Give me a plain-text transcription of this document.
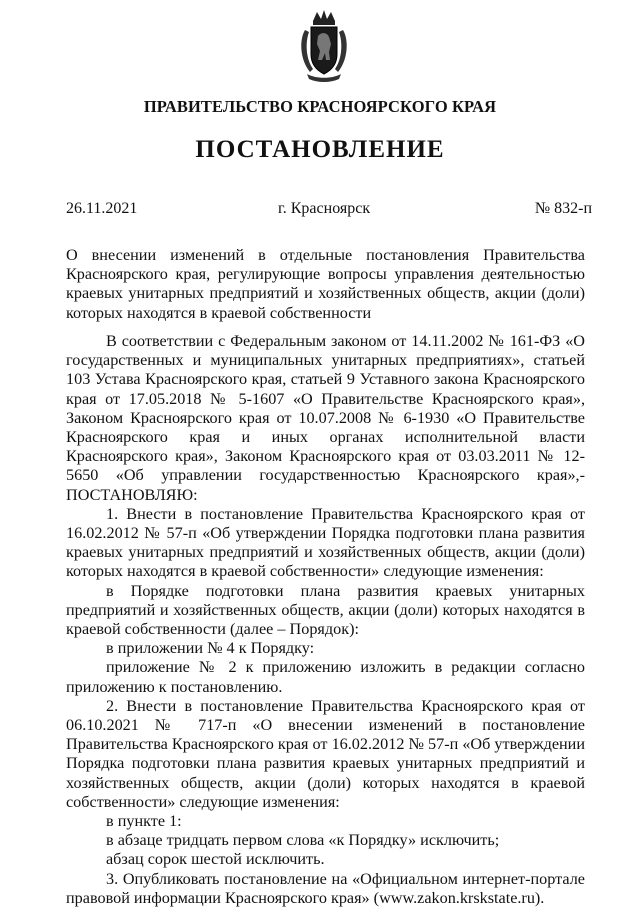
ПРАВИТЕЛЬСТВО КРАСНОЯРСКОГО КРАЯ
ПОСТАНОВЛЕНИЕ
26.11.2021	г. Красноярск	№ 832-п

О внесении изменений в отдельные постановления Правительства Красноярского края, регулирующие вопросы управления деятельностью краевых унитарных предприятий и хозяйственных обществ, акции (доли) которых находятся в краевой собственности

В соответствии с Федеральным законом от 14.11.2002 № 161-ФЗ «О государственных и муниципальных унитарных предприятиях», статьей 103 Устава Красноярского края, статьей 9 Уставного закона Красноярского края от 17.05.2018 № 5-1607 «О Правительстве Красноярского края», Законом Красноярского края от 10.07.2008 № 6-1930 «О Правительстве Красноярского края и иных органах исполнительной власти Красноярского края», Законом Красноярского края от 03.03.2011 № 12-5650 «Об управлении государственностью Красноярского края»,-ПОСТАНОВЛЯЮ:

1. Внести в постановление Правительства Красноярского края от 16.02.2012 № 57-п «Об утверждении Порядка подготовки плана развития краевых унитарных предприятий и хозяйственных обществ, акции (доли) которых находятся в краевой собственности» следующие изменения:

в Порядке подготовки плана развития краевых унитарных предприятий и хозяйственных обществ, акции (доли) которых находятся в краевой собственности (далее – Порядок):

в приложении № 4 к Порядку:

приложение № 2 к приложению изложить в редакции согласно приложению к постановлению.

2. Внести в постановление Правительства Красноярского края от 06.10.2021 № 717-п «О внесении изменений в постановление Правительства Красноярского края от 16.02.2012 № 57-п «Об утверждении Порядка подготовки плана развития краевых унитарных предприятий и хозяйственных обществ, акции (доли) которых находятся в краевой собственности» следующие изменения:

в пункте 1:

в абзаце тридцать первом слова «к Порядку» исключить;

абзац сорок шестой исключить.

3. Опубликовать постановление на «Официальном интернет-портале правовой информации Красноярского края» (www.zakon.krskstate.ru).
